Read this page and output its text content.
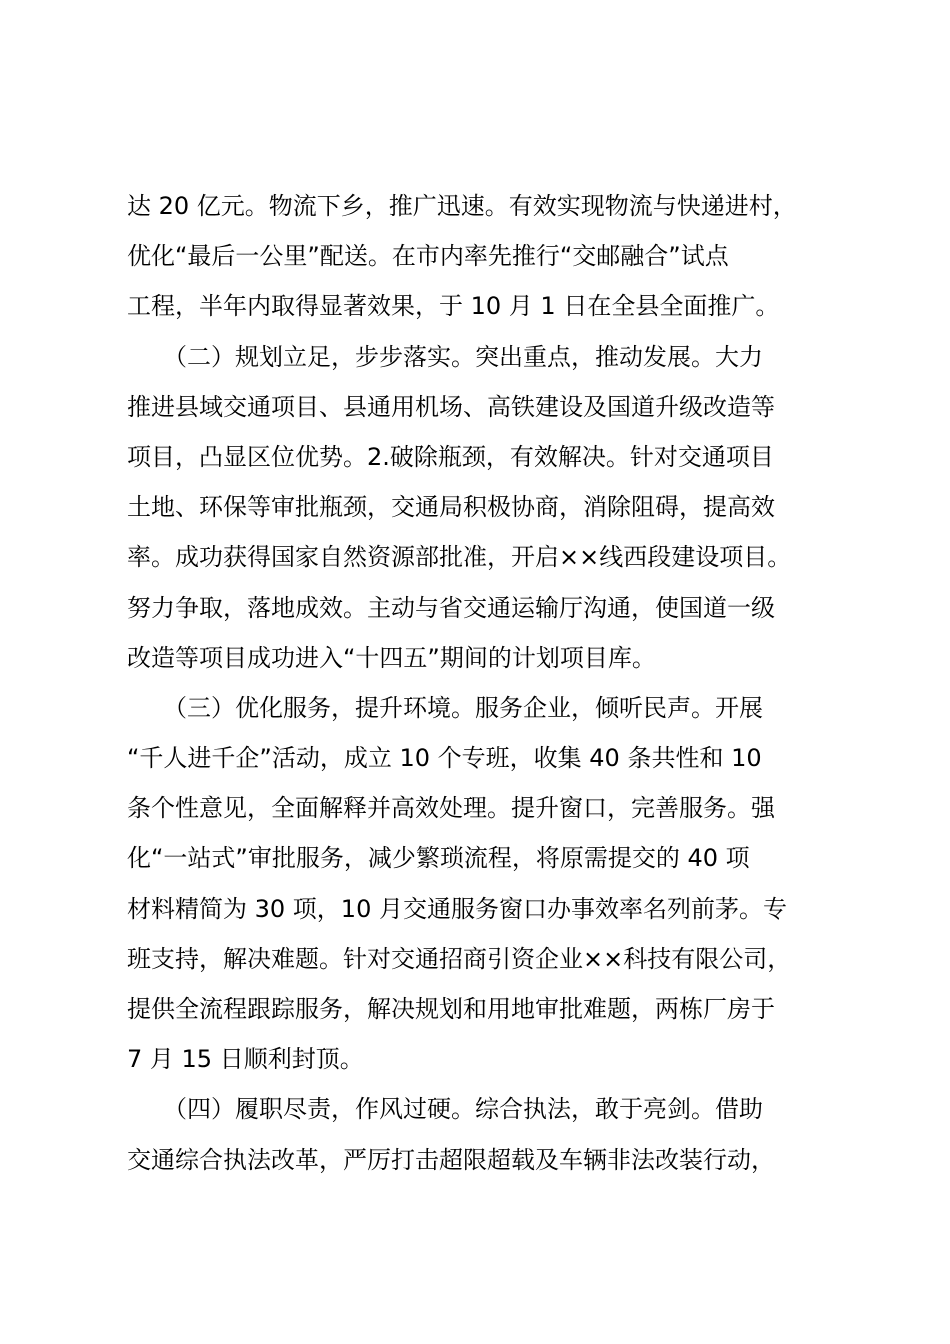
达 20 亿元。物流下乡，推广迅速。有效实现物流与快递进村，
优化“最后一公里”配送。在市内率先推行“交邮融合”试点
工程，半年内取得显著效果，于 10 月 1 日在全县全面推广。
　　（二）规划立足，步步落实。突出重点，推动发展。大力
推进县域交通项目、县通用机场、高铁建设及国道升级改造等
项目，凸显区位优势。2.破除瓶颈，有效解决。针对交通项目
土地、环保等审批瓶颈，交通局积极协商，消除阻碍，提高效
率。成功获得国家自然资源部批准，开启××线西段建设项目。
努力争取，落地成效。主动与省交通运输厅沟通，使国道一级
改造等项目成功进入“十四五”期间的计划项目库。
　　（三）优化服务，提升环境。服务企业，倾听民声。开展
“千人进千企”活动，成立 10 个专班，收集 40 条共性和 10
条个性意见，全面解释并高效处理。提升窗口，完善服务。强
化“一站式”审批服务，减少繁琐流程，将原需提交的 40 项
材料精简为 30 项，10 月交通服务窗口办事效率名列前茅。专
班支持，解决难题。针对交通招商引资企业××科技有限公司，
提供全流程跟踪服务，解决规划和用地审批难题，两栋厂房于
7 月 15 日顺利封顶。
　　（四）履职尽责，作风过硬。综合执法，敢于亮剑。借助
交通综合执法改革，严厉打击超限超载及车辆非法改装行动，
